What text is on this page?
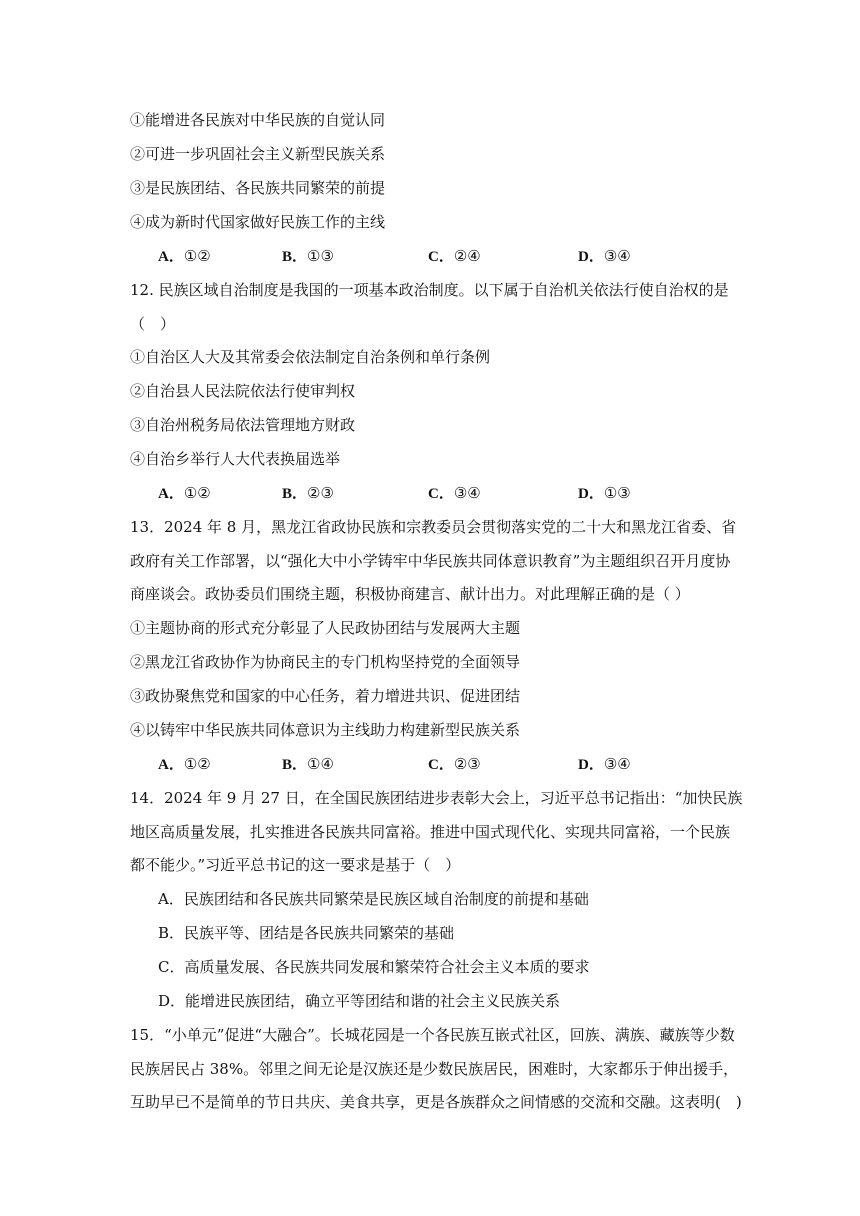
①能增进各民族对中华民族的自觉认同
②可进一步巩固社会主义新型民族关系
③是民族团结、各民族共同繁荣的前提
④成为新时代国家做好民族工作的主线
A．①②	B．①③	C．②④	D．③④
12. 民族区域自治制度是我国的一项基本政治制度。以下属于自治机关依法行使自治权的是
（　）
①自治区人大及其常委会依法制定自治条例和单行条例
②自治县人民法院依法行使审判权
③自治州税务局依法管理地方财政
④自治乡举行人大代表换届选举
A．①②	B．②③	C．③④	D．①③
13．2024 年 8 月，黑龙江省政协民族和宗教委员会贯彻落实党的二十大和黑龙江省委、省
政府有关工作部署，以“强化大中小学铸牢中华民族共同体意识教育”为主题组织召开月度协
商座谈会。政协委员们围绕主题，积极协商建言、献计出力。对此理解正确的是（ ）
①主题协商的形式充分彰显了人民政协团结与发展两大主题
②黑龙江省政协作为协商民主的专门机构坚持党的全面领导
③政协聚焦党和国家的中心任务，着力增进共识、促进团结
④以铸牢中华民族共同体意识为主线助力构建新型民族关系
A．①②	B．①④	C．②③	D．③④
14．2024 年 9 月 27 日，在全国民族团结进步表彰大会上，习近平总书记指出：“加快民族
地区高质量发展，扎实推进各民族共同富裕。推进中国式现代化、实现共同富裕，一个民族
都不能少。”习近平总书记的这一要求是基于（　）
A．民族团结和各民族共同繁荣是民族区域自治制度的前提和基础
B．民族平等、团结是各民族共同繁荣的基础
C．高质量发展、各民族共同发展和繁荣符合社会主义本质的要求
D．能增进民族团结，确立平等团结和谐的社会主义民族关系
15．“小单元”促进“大融合”。长城花园是一个各民族互嵌式社区，回族、满族、藏族等少数
民族居民占 38%。邻里之间无论是汉族还是少数民族居民，困难时，大家都乐于伸出援手，
互助早已不是简单的节日共庆、美食共享，更是各族群众之间情感的交流和交融。这表明(　)
